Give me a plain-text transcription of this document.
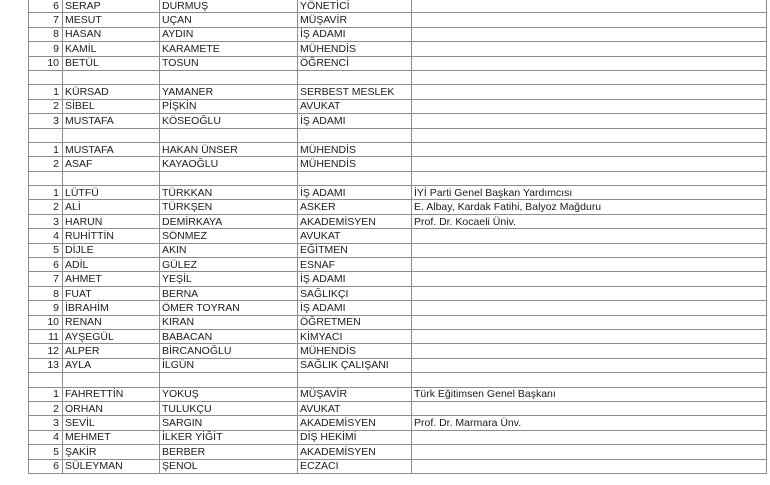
6	SERAP	DURMUŞ	YÖNETİCİ	
7	MESUT	UÇAN	MÜŞAVİR	
8	HASAN	AYDIN	İŞ ADAMI	
9	KAMİL	KARAMETE	MÜHENDİS	
10	BETÜL	TOSUN	ÖĞRENCİ	

1	KÜRSAD	YAMANER	SERBEST MESLEK	
2	SİBEL	PİŞKİN	AVUKAT	
3	MUSTAFA	KÖSEOĞLU	İŞ ADAMI	

1	MUSTAFA	HAKAN ÜNSER	MÜHENDİS	
2	ASAF	KAYAOĞLU	MÜHENDİS	

1	LÜTFÜ	TÜRKKAN	İŞ ADAMI	İYİ Parti Genel Başkan Yardımcısı
2	ALİ	TÜRKŞEN	ASKER	E. Albay, Kardak Fatihi, Balyoz Mağduru
3	HARUN	DEMİRKAYA	AKADEMİSYEN	Prof. Dr. Kocaeli Üniv.
4	RUHİTTİN	SÖNMEZ	AVUKAT	
5	DİJLE	AKIN	EĞİTMEN	
6	ADİL	GÜLEZ	ESNAF	
7	AHMET	YEŞİL	İŞ ADAMI	
8	FUAT	BERNA	SAĞLIKÇI	
9	İBRAHİM	ÖMER TOYRAN	İŞ ADAMI	
10	RENAN	KIRAN	ÖĞRETMEN	
11	AYŞEGÜL	BABACAN	KİMYACI	
12	ALPER	BİRCANOĞLU	MÜHENDİS	
13	AYLA	İLGÜN	SAĞLIK ÇALIŞANI	

1	FAHRETTİN	YOKUŞ	MÜŞAVİR	Türk Eğitimsen Genel Başkanı
2	ORHAN	TULUKÇU	AVUKAT	
3	SEVİL	SARGIN	AKADEMİSYEN	Prof. Dr. Marmara Ünv.
4	MEHMET	İLKER YİĞİT	DİŞ HEKİMİ	
5	ŞAKİR	BERBER	AKADEMİSYEN	
6	SÜLEYMAN	ŞENOL	ECZACI	
